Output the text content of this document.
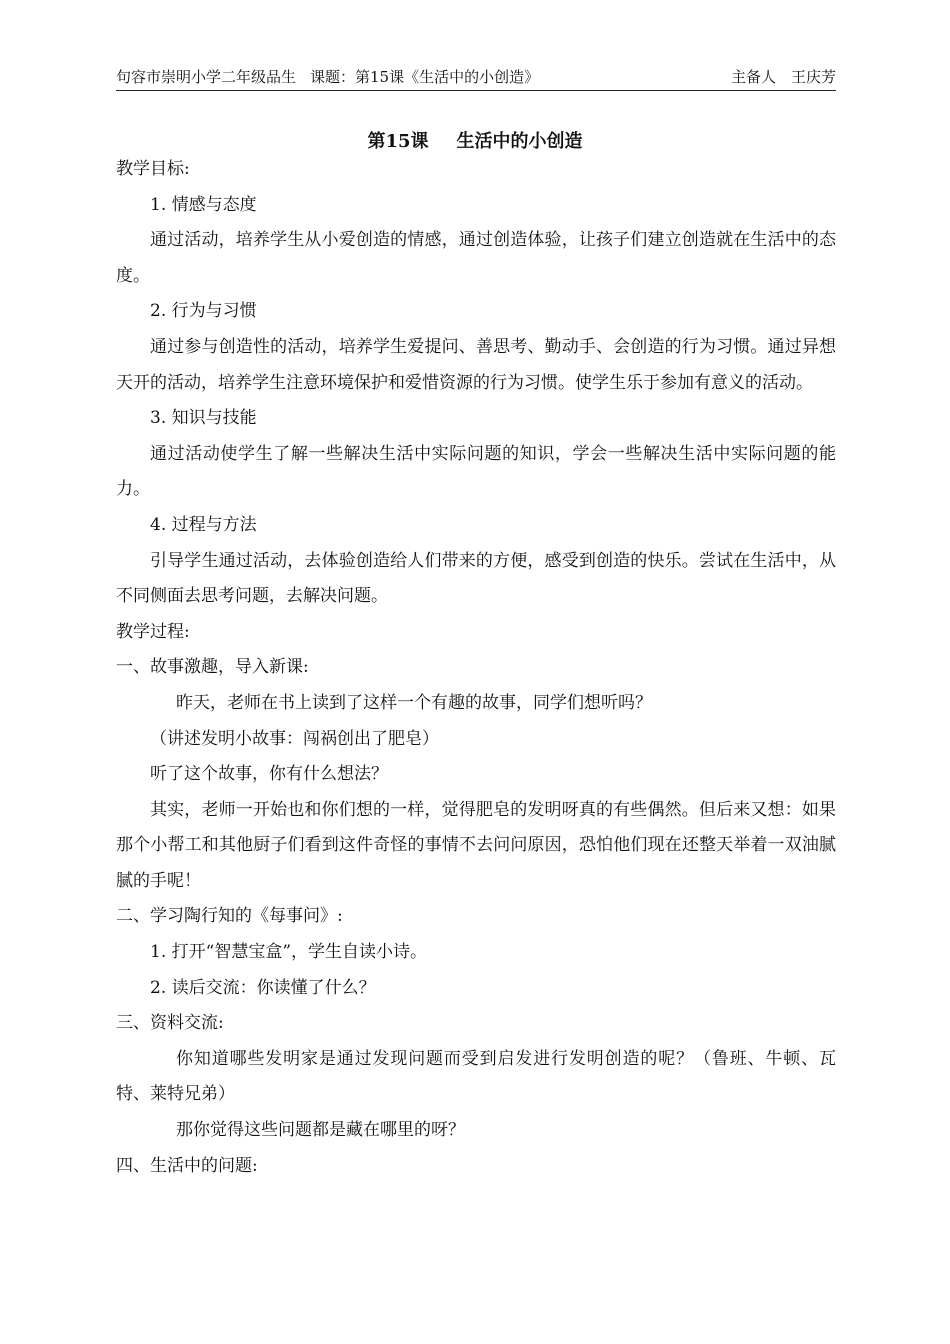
句容市崇明小学二年级品生 课题：第15课《生活中的小创造》	主备人　王庆芳
第15课 生活中的小创造

教学目标:

1. 情感与态度

通过活动，培养学生从小爱创造的情感，通过创造体验，让孩子们建立创造就在生活中的态度。

2. 行为与习惯

通过参与创造性的活动，培养学生爱提问、善思考、勤动手、会创造的行为习惯。通过异想天开的活动，培养学生注意环境保护和爱惜资源的行为习惯。使学生乐于参加有意义的活动。

3. 知识与技能

通过活动使学生了解一些解决生活中实际问题的知识，学会一些解决生活中实际问题的能力。

4. 过程与方法

引导学生通过活动，去体验创造给人们带来的方便，感受到创造的快乐。尝试在生活中，从不同侧面去思考问题，去解决问题。

教学过程:

一、故事激趣，导入新课:

昨天，老师在书上读到了这样一个有趣的故事，同学们想听吗？

（讲述发明小故事：闯祸创出了肥皂）

听了这个故事，你有什么想法？

其实，老师一开始也和你们想的一样，觉得肥皂的发明呀真的有些偶然。但后来又想：如果那个小帮工和其他厨子们看到这件奇怪的事情不去问问原因，恐怕他们现在还整天举着一双油腻腻的手呢！

二、学习陶行知的《每事问》:

1. 打开“智慧宝盒”，学生自读小诗。

2. 读后交流：你读懂了什么？

三、资料交流:

你知道哪些发明家是通过发现问题而受到启发进行发明创造的呢？（鲁班、牛顿、瓦特、莱特兄弟）

那你觉得这些问题都是藏在哪里的呀？

四、生活中的问题:
